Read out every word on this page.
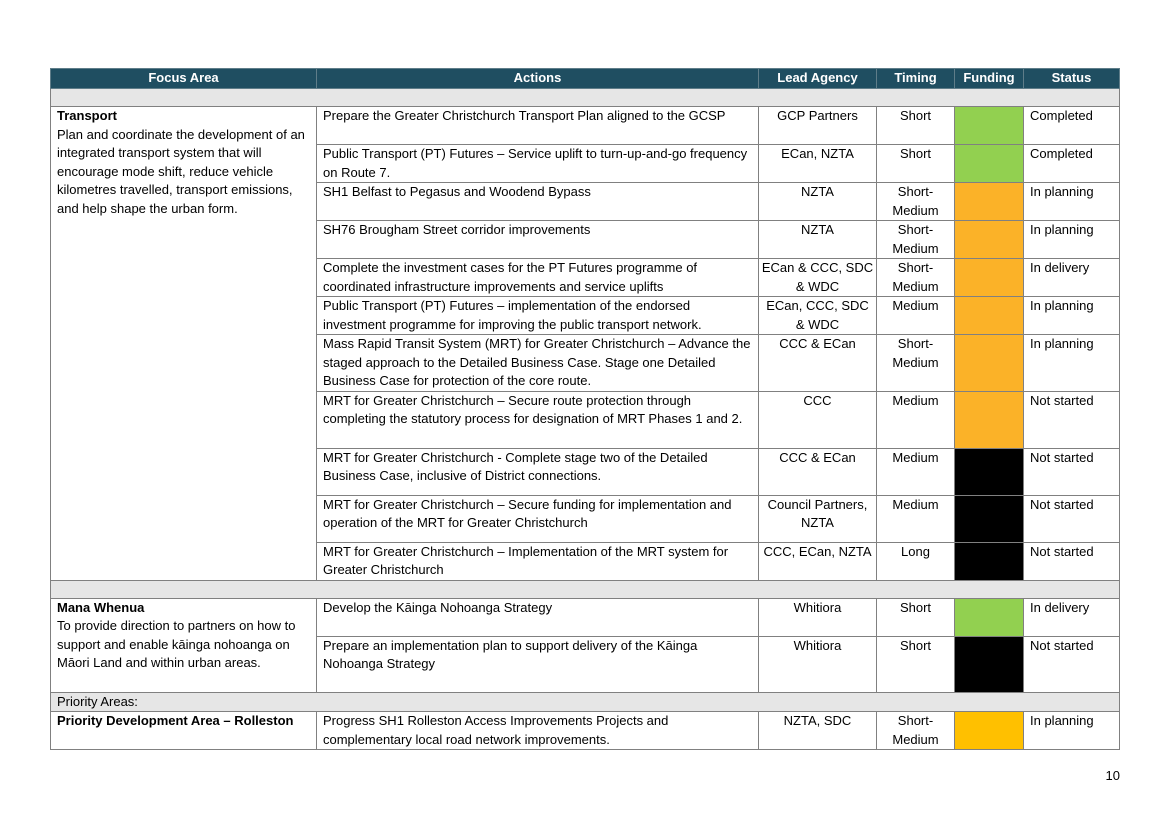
Focus Area	Actions	Lead Agency	Timing	Funding	Status

Transport
Plan and coordinate the development of an integrated transport system that will encourage mode shift, reduce vehicle kilometres travelled, transport emissions, and help shape the urban form.	Prepare the Greater Christchurch Transport Plan aligned to the GCSP	GCP Partners	Short		Completed
	Public Transport (PT) Futures – Service uplift to turn-up-and-go frequency on Route 7.	ECan, NZTA	Short		Completed
	SH1 Belfast to Pegasus and Woodend Bypass	NZTA	Short-Medium		In planning
	SH76 Brougham Street corridor improvements	NZTA	Short-Medium		In planning
	Complete the investment cases for the PT Futures programme of coordinated infrastructure improvements and service uplifts	ECan & CCC, SDC & WDC	Short-Medium		In delivery
	Public Transport (PT) Futures – implementation of the endorsed investment programme for improving the public transport network.	ECan, CCC, SDC & WDC	Medium		In planning
	Mass Rapid Transit System (MRT) for Greater Christchurch – Advance the staged approach to the Detailed Business Case. Stage one Detailed Business Case for protection of the core route.	CCC & ECan	Short-Medium		In planning
	MRT for Greater Christchurch – Secure route protection through completing the statutory process for designation of MRT Phases 1 and 2.	CCC	Medium		Not started
	MRT for Greater Christchurch - Complete stage two of the Detailed Business Case, inclusive of District connections.	CCC & ECan	Medium		Not started
	MRT for Greater Christchurch – Secure funding for implementation and operation of the MRT for Greater Christchurch	Council Partners, NZTA	Medium		Not started
	MRT for Greater Christchurch – Implementation of the MRT system for Greater Christchurch	CCC, ECan, NZTA	Long		Not started

Mana Whenua
To provide direction to partners on how to support and enable kāinga nohoanga on Māori Land and within urban areas.	Develop the Kāinga Nohoanga Strategy	Whitiora	Short		In delivery
	Prepare an implementation plan to support delivery of the Kāinga Nohoanga Strategy	Whitiora	Short		Not started
Priority Areas:					

Priority Development Area – Rolleston	Progress SH1 Rolleston Access Improvements Projects and complementary local road network improvements.	NZTA, SDC	Short-Medium		In planning
10
